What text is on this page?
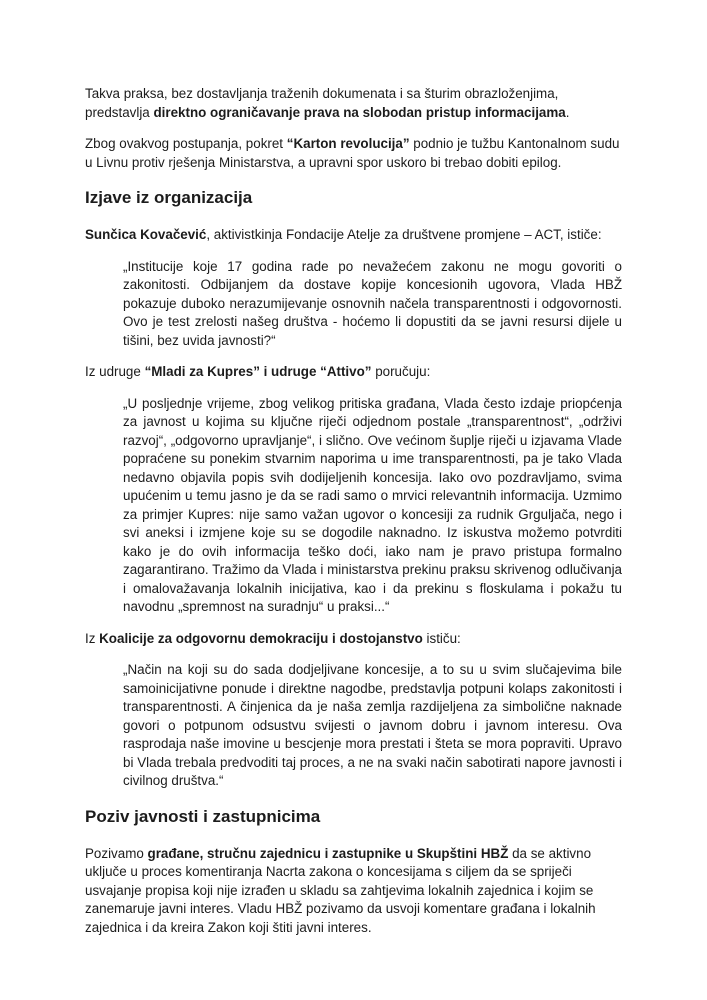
Takva praksa, bez dostavljanja traženih dokumenata i sa šturim obrazloženjima, predstavlja direktno ograničavanje prava na slobodan pristup informacijama.

Zbog ovakvog postupanja, pokret “Karton revolucija” podnio je tužbu Kantonalnom sudu u Livnu protiv rješenja Ministarstva, a upravni spor uskoro bi trebao dobiti epilog.

Izjave iz organizacija

Sunčica Kovačević, aktivistkinja Fondacije Atelje za društvene promjene – ACT, ističe:

„Institucije koje 17 godina rade po nevažećem zakonu ne mogu govoriti o zakonitosti. Odbijanjem da dostave kopije koncesionih ugovora, Vlada HBŽ pokazuje duboko nerazumijevanje osnovnih načela transparentnosti i odgovornosti. Ovo je test zrelosti našeg društva - hoćemo li dopustiti da se javni resursi dijele u tišini, bez uvida javnosti?“

Iz udruge “Mladi za Kupres” i udruge “Attivo” poručuju:

„U posljednje vrijeme, zbog velikog pritiska građana, Vlada često izdaje priopćenja za javnost u kojima su ključne riječi odjednom postale „transparentnost“, „održivi razvoj“, „odgovorno upravljanje“, i slično. Ove većinom šuplje riječi u izjavama Vlade popraćene su ponekim stvarnim naporima u ime transparentnosti, pa je tako Vlada nedavno objavila popis svih dodijeljenih koncesija. Iako ovo pozdravljamo, svima upućenim u temu jasno je da se radi samo o mrvici relevantnih informacija. Uzmimo za primjer Kupres: nije samo važan ugovor o koncesiji za rudnik Grguljača, nego i svi aneksi i izmjene koje su se dogodile naknadno. Iz iskustva možemo potvrditi kako je do ovih informacija teško doći, iako nam je pravo pristupa formalno zagarantirano. Tražimo da Vlada i ministarstva prekinu praksu skrivenog odlučivanja i omalovažavanja lokalnih inicijativa, kao i da prekinu s floskulama i pokažu tu navodnu „spremnost na suradnju“ u praksi...“

Iz Koalicije za odgovornu demokraciju i dostojanstvo ističu:

„Način na koji su do sada dodjeljivane koncesije, a to su u svim slučajevima bile samoinicijativne ponude i direktne nagodbe, predstavlja potpuni kolaps zakonitosti i transparentnosti. A činjenica da je naša zemlja razdijeljena za simbolične naknade govori o potpunom odsustvu svijesti o javnom dobru i javnom interesu. Ova rasprodaja naše imovine u bescjenje mora prestati i šteta se mora popraviti. Upravo bi Vlada trebala predvoditi taj proces, a ne na svaki način sabotirati napore javnosti i civilnog društva.“

Poziv javnosti i zastupnicima

Pozivamo građane, stručnu zajednicu i zastupnike u Skupštini HBŽ da se aktivno uključe u proces komentiranja Nacrta zakona o koncesijama s ciljem da se spriječi usvajanje propisa koji nije izrađen u skladu sa zahtjevima lokalnih zajednica i kojim se zanemaruje javni interes. Vladu HBŽ pozivamo da usvoji komentare građana i lokalnih zajednica i da kreira Zakon koji štiti javni interes.
